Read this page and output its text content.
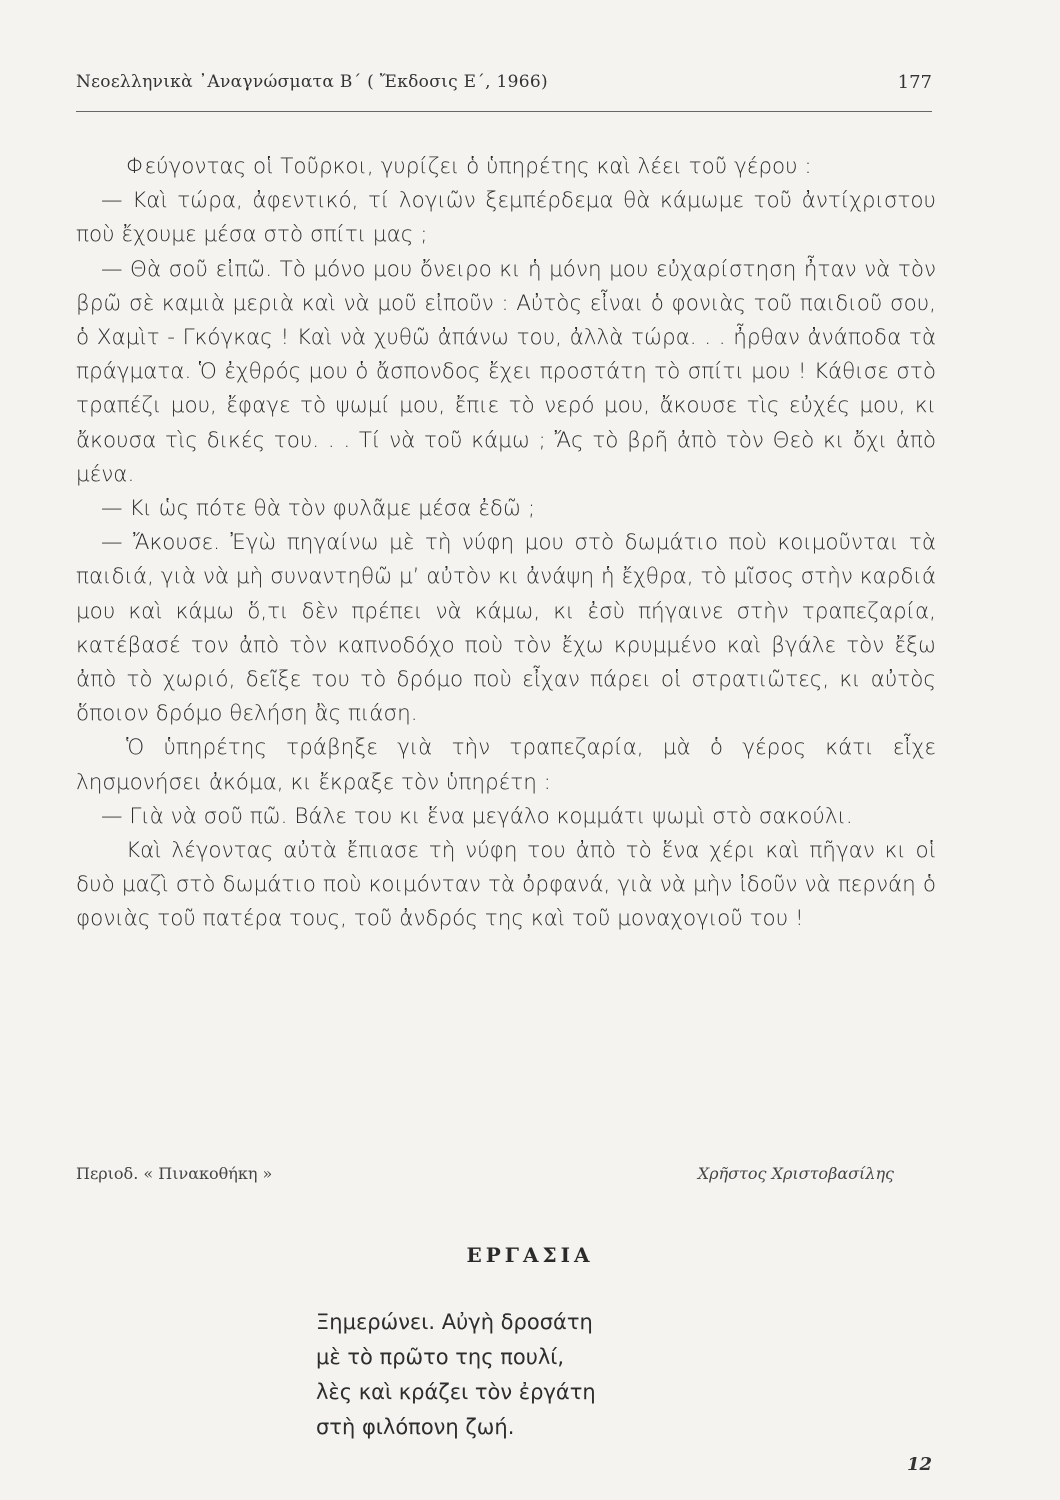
Νεοελληνικὰ ᾿Αναγνώσματα Β΄ ( Ἔκδοσις Ε΄, 1966)	177

Φεύγοντας οἱ Τοῦρκοι, γυρίζει ὁ ὑπηρέτης καὶ λέει τοῦ γέρου :

— Καὶ τώρα, ἀφεντικό, τί λογιῶν ξεμπέρδεμα θὰ κάμωμε τοῦ ἀντίχριστου ποὺ ἔχουμε μέσα στὸ σπίτι μας ;

— Θὰ σοῦ εἰπῶ. Τὸ μόνο μου ὄνειρο κι ἡ μόνη μου εὐχαρίστηση ἦταν νὰ τὸν βρῶ σὲ καμιὰ μεριὰ καὶ νὰ μοῦ εἰποῦν : Αὐτὸς εἶναι ὁ φονιὰς τοῦ παιδιοῦ σου, ὁ Χαμὶτ - Γκόγκας ! Καὶ νὰ χυθῶ ἀπάνω του, ἀλλὰ τώρα. . . ἦρθαν ἀνάποδα τὰ πράγματα. Ὁ ἐχθρός μου ὁ ἄσπονδος ἔχει προστάτη τὸ σπίτι μου ! Κάθισε στὸ τραπέζι μου, ἔφαγε τὸ ψωμί μου, ἔπιε τὸ νερό μου, ἄκουσε τὶς εὐχές μου, κι ἄκουσα τὶς δικές του. . . Τί νὰ τοῦ κάμω ; Ἄς τὸ βρῆ ἀπὸ τὸν Θεὸ κι ὄχι ἀπὸ μένα.

— Κι ὡς πότε θὰ τὸν φυλᾶμε μέσα ἐδῶ ;

— Ἄκουσε. Ἐγὼ πηγαίνω μὲ τὴ νύφη μου στὸ δωμάτιο ποὺ κοιμοῦνται τὰ παιδιά, γιὰ νὰ μὴ συναντηθῶ μ’ αὐτὸν κι ἀνάψη ἡ ἔχθρα, τὸ μῖσος στὴν καρδιά μου καὶ κάμω ὅ,τι δὲν πρέπει νὰ κάμω, κι ἐσὺ πήγαινε στὴν τραπεζαρία, κατέβασέ τον ἀπὸ τὸν καπνοδόχο ποὺ τὸν ἔχω κρυμμένο καὶ βγάλε τὸν ἔξω ἀπὸ τὸ χωριό, δεῖξε του τὸ δρόμο ποὺ εἶχαν πάρει οἱ στρατιῶτες, κι αὐτὸς ὅποιον δρόμο θελήση ἂς πιάση.

Ὁ ὑπηρέτης τράβηξε γιὰ τὴν τραπεζαρία, μὰ ὁ γέρος κάτι εἶχε λησμονήσει ἀκόμα, κι ἔκραξε τὸν ὑπηρέτη :

— Γιὰ νὰ σοῦ πῶ. Βάλε του κι ἕνα μεγάλο κομμάτι ψωμὶ στὸ σακούλι.

Καὶ λέγοντας αὐτὰ ἔπιασε τὴ νύφη του ἀπὸ τὸ ἕνα χέρι καὶ πῆγαν κι οἱ δυὸ μαζὶ στὸ δωμάτιο ποὺ κοιμόνταν τὰ ὀρφανά, γιὰ νὰ μὴν ἰδοῦν νὰ περνάη ὁ φονιὰς τοῦ πατέρα τους, τοῦ ἀνδρός της καὶ τοῦ μοναχογιοῦ του !

Περιοδ. « Πινακοθήκη »	Χρῆστος Χριστοβασίλης
ΕΡΓΑΣΙΑ
Ξημερώνει. Αὐγὴ δροσάτη
μὲ τὸ πρῶτο της πουλί,
λὲς καὶ κράζει τὸν ἐργάτη
στὴ φιλόπονη ζωή.
12
